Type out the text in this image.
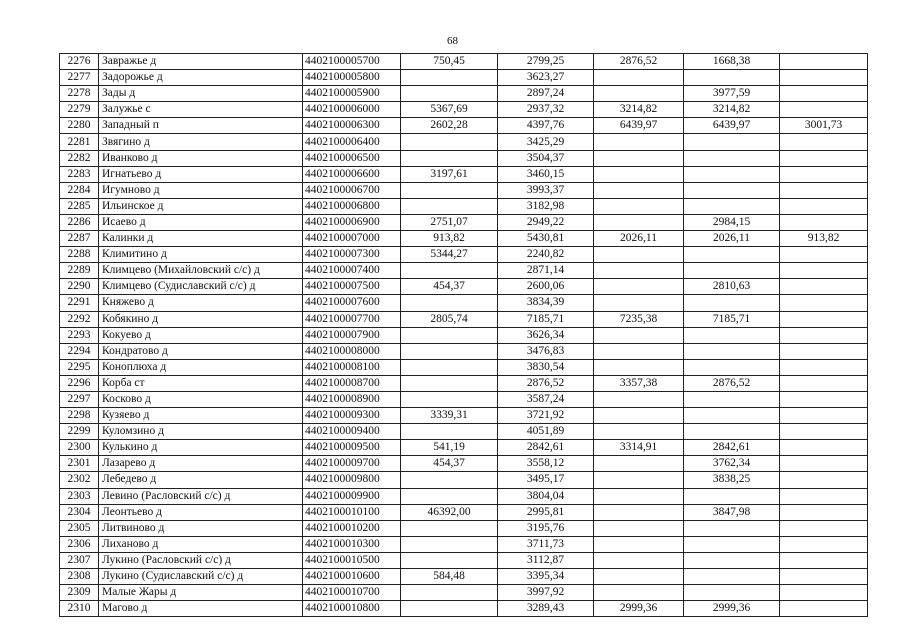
68
2276	Завражье д	4402100005700	750,45	2799,25	2876,52	1668,38	
2277	Задорожье д	4402100005800		3623,27			
2278	Зады д	4402100005900		2897,24		3977,59	
2279	Залужье с	4402100006000	5367,69	2937,32	3214,82	3214,82	
2280	Западный п	4402100006300	2602,28	4397,76	6439,97	6439,97	3001,73
2281	Звягино д	4402100006400		3425,29			
2282	Иванково д	4402100006500		3504,37			
2283	Игнатьево д	4402100006600	3197,61	3460,15			
2284	Игумново д	4402100006700		3993,37			
2285	Ильинское д	4402100006800		3182,98			
2286	Исаево д	4402100006900	2751,07	2949,22		2984,15	
2287	Калинки д	4402100007000	913,82	5430,81	2026,11	2026,11	913,82
2288	Климитино д	4402100007300	5344,27	2240,82			
2289	Климцево (Михайловский с/с) д	4402100007400		2871,14			
2290	Климцево (Судиславский с/с) д	4402100007500	454,37	2600,06		2810,63	
2291	Княжево д	4402100007600		3834,39			
2292	Кобякино д	4402100007700	2805,74	7185,71	7235,38	7185,71	
2293	Кокуево д	4402100007900		3626,34			
2294	Кондратово д	4402100008000		3476,83			
2295	Коноплюха д	4402100008100		3830,54			
2296	Корба ст	4402100008700		2876,52	3357,38	2876,52	
2297	Косково д	4402100008900		3587,24			
2298	Кузяево д	4402100009300	3339,31	3721,92			
2299	Куломзино д	4402100009400		4051,89			
2300	Кулькино д	4402100009500	541,19	2842,61	3314,91	2842,61	
2301	Лазарево д	4402100009700	454,37	3558,12		3762,34	
2302	Лебедево д	4402100009800		3495,17		3838,25	
2303	Левино (Расловский с/с) д	4402100009900		3804,04			
2304	Леонтьево д	4402100010100	46392,00	2995,81		3847,98	
2305	Литвиново д	4402100010200		3195,76			
2306	Лиханово д	4402100010300		3711,73			
2307	Лукино (Расловский с/с) д	4402100010500		3112,87			
2308	Лукино (Судиславский с/с) д	4402100010600	584,48	3395,34			
2309	Малые Жары д	4402100010700		3997,92			
2310	Магово д	4402100010800		3289,43	2999,36	2999,36	
